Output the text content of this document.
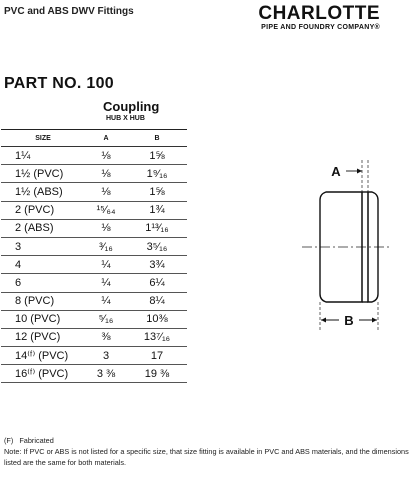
PVC and ABS DWV Fittings	CHARLOTTE
PIPE AND FOUNDRY COMPANY®
PART NO. 100
Coupling
HUB X HUB
SIZE	A	B
1¼	⅛	1⅝
1½ (PVC)	⅛	1⁹⁄₁₆
1½ (ABS)	⅛	1⅝
2 (PVC)	¹⁵⁄₆₄	1¾
2 (ABS)	⅛	1¹³⁄₁₆
3	³⁄₁₆	3⁵⁄₁₆
4	¼	3¾
6	¼	6¼
8 (PVC)	¼	8¼
10 (PVC)	⁵⁄₁₆	10⅜
12 (PVC)	⅜	13⁷⁄₁₆
14⁽ᶠ⁾ (PVC)	3	17
16⁽ᶠ⁾ (PVC)	3 ⅜	19 ⅜
A
B
(F) Fabricated
Note: If PVC or ABS is not listed for a specific size, that size fitting is available in PVC and ABS materials, and the dimensions listed are the same for both materials.
